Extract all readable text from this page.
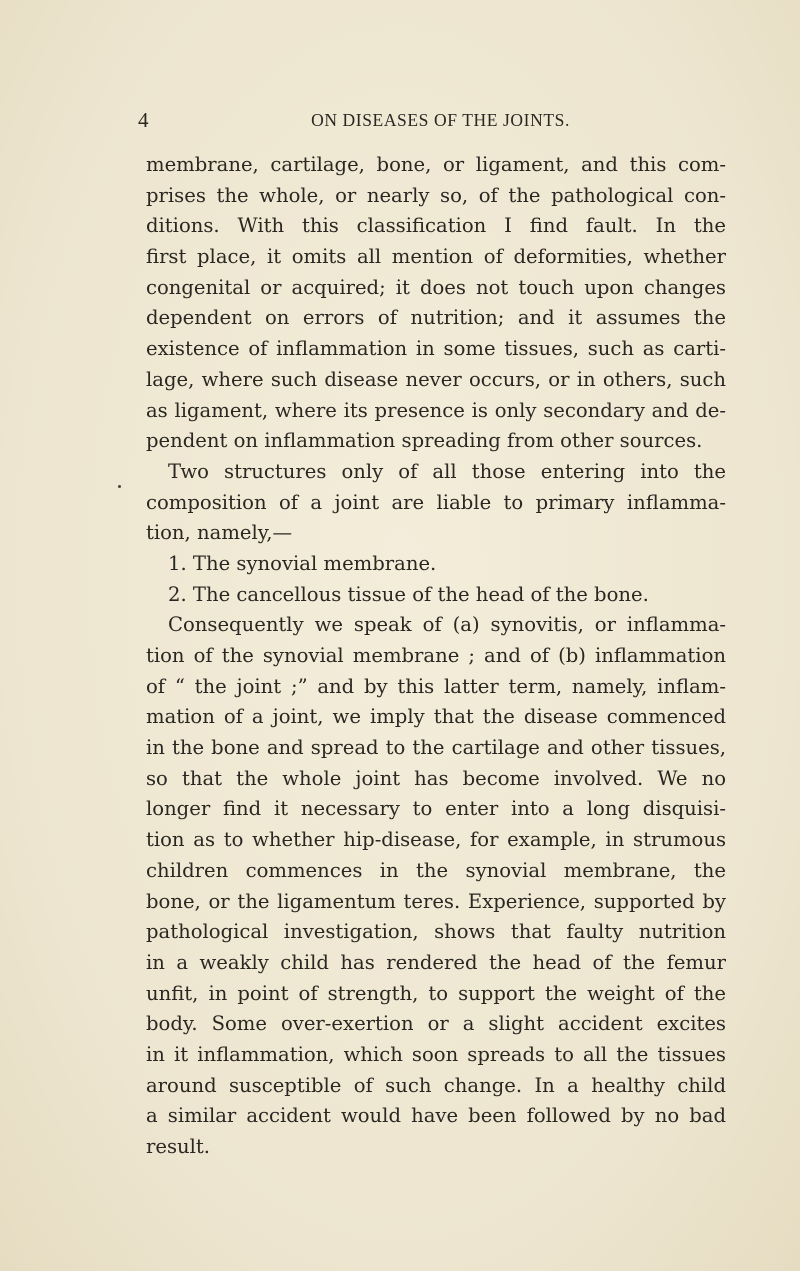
4	ON DISEASES OF THE JOINTS.
membrane, cartilage, bone, or ligament, and this com-
prises the whole, or nearly so, of the pathological con-
ditions. With this classification I find fault. In the
first place, it omits all mention of deformities, whether
congenital or acquired; it does not touch upon changes
dependent on errors of nutrition; and it assumes the
existence of inflammation in some tissues, such as carti-
lage, where such disease never occurs, or in others, such
as ligament, where its presence is only secondary and de-
pendent on inflammation spreading from other sources.
Two structures only of all those entering into the
composition of a joint are liable to primary inflamma-
tion, namely,—
1. The synovial membrane.
2. The cancellous tissue of the head of the bone.
Consequently we speak of (a) synovitis, or inflamma-
tion of the synovial membrane ; and of (b) inflammation
of “ the joint ;” and by this latter term, namely, inflam-
mation of a joint, we imply that the disease commenced
in the bone and spread to the cartilage and other tissues,
so that the whole joint has become involved. We no
longer find it necessary to enter into a long disquisi-
tion as to whether hip-disease, for example, in strumous
children commences in the synovial membrane, the
bone, or the ligamentum teres. Experience, supported by
pathological investigation, shows that faulty nutrition
in a weakly child has rendered the head of the femur
unfit, in point of strength, to support the weight of the
body. Some over-exertion or a slight accident excites
in it inflammation, which soon spreads to all the tissues
around susceptible of such change. In a healthy child
a similar accident would have been followed by no bad
result.
